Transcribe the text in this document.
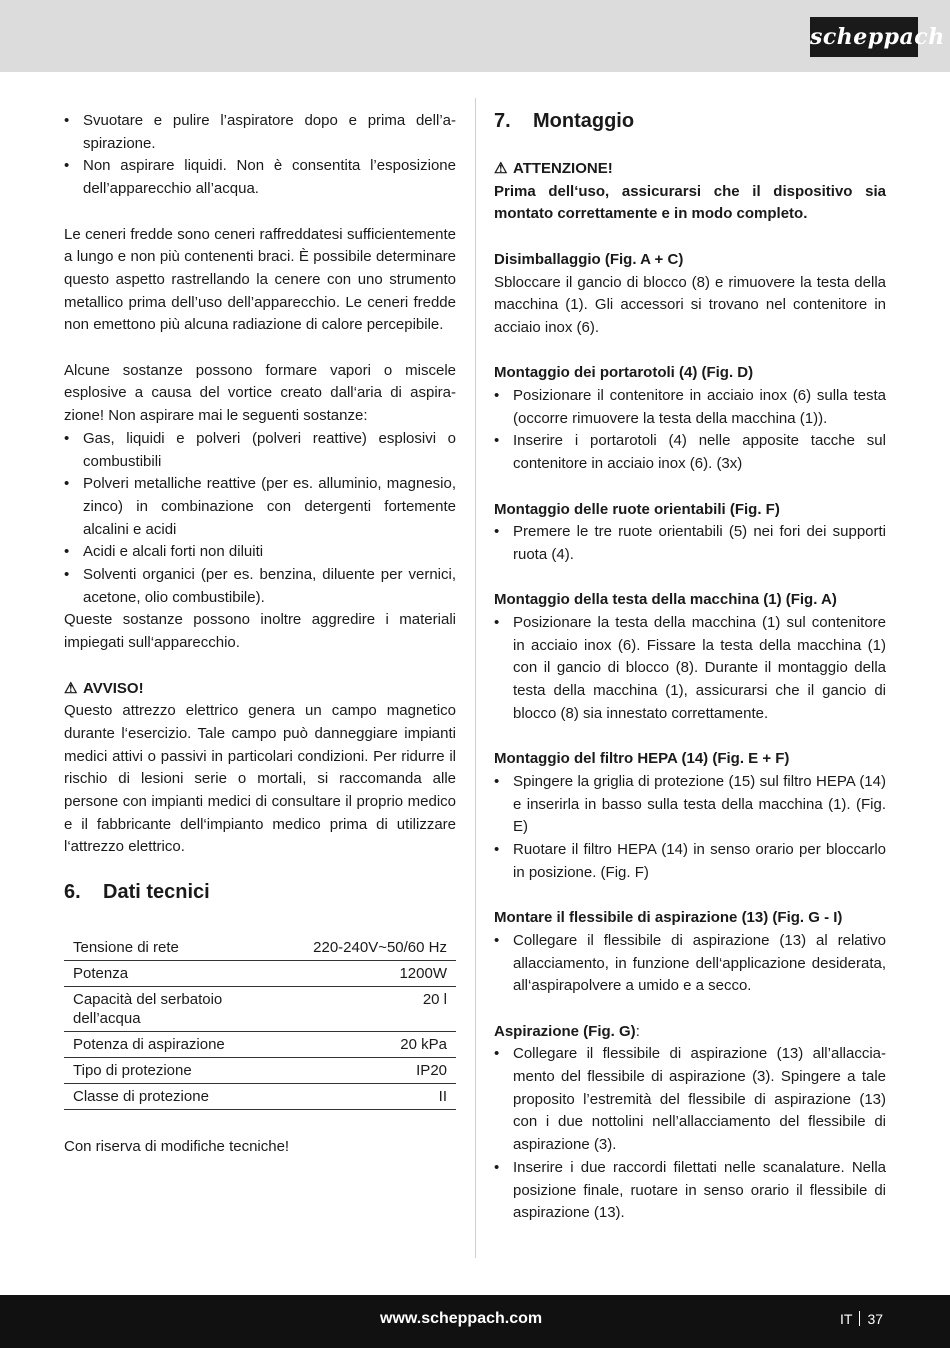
scheppach
• Svuotare e pulire l’aspiratore dopo e prima dell’aspirazione.
• Non aspirare liquidi. Non è consentita l’esposizione dell’apparecchio all’acqua.

Le ceneri fredde sono ceneri raffreddatesi sufficientemente a lungo e non più contenenti braci. È possibile determinare questo aspetto rastrellando la cenere con uno strumento metallico prima dell’uso dell’apparecchio. Le ceneri fredde non emettono più alcuna radiazione di calore percepibile.

Alcune sostanze possono formare vapori o miscele esplosive a causa del vortice creato dall‘aria di aspirazione! Non aspirare mai le seguenti sostanze:

• Gas, liquidi e polveri (polveri reattive) esplosivi o combustibili
• Polveri metalliche reattive (per es. alluminio, magnesio, zinco) in combinazione con detergenti fortemente alcalini e acidi
• Acidi e alcali forti non diluiti
• Solventi organici (per es. benzina, diluente per vernici, acetone, olio combustibile).

Queste sostanze possono inoltre aggredire i materiali impiegati sull‘apparecchio.

⚠ AVVISO!

Questo attrezzo elettrico genera un campo magnetico durante l‘esercizio. Tale campo può danneggiare impianti medici attivi o passivi in particolari condizioni. Per ridurre il rischio di lesioni serie o mortali, si raccomanda alle persone con impianti medici di consultare il proprio medico e il fabbricante dell‘impianto medico prima di utilizzare l‘attrezzo elettrico.

6.	Dati tecnici
Tensione di rete	220-240V~50/60 Hz
Potenza	1200W
Capacità del serbatoio dell’acqua	20 l
Potenza di aspirazione	20 kPa
Tipo di protezione	IP20
Classe di protezione	II

Con riserva di modifiche tecniche!

7.	Montaggio
⚠ ATTENZIONE!

Prima dell‘uso, assicurarsi che il dispositivo sia montato correttamente e in modo completo.

Disimballaggio (Fig. A + C)

Sbloccare il gancio di blocco (8) e rimuovere la testa della macchina (1). Gli accessori si trovano nel contenitore in acciaio inox (6).

Montaggio dei portarotoli (4) (Fig. D)

• Posizionare il contenitore in acciaio inox (6) sulla testa (occorre rimuovere la testa della macchina (1)).
• Inserire i portarotoli (4) nelle apposite tacche sul contenitore in acciaio inox (6). (3x)

Montaggio delle ruote orientabili (Fig. F)

• Premere le tre ruote orientabili (5) nei fori dei supporti ruota (4).

Montaggio della testa della macchina (1) (Fig. A)

• Posizionare la testa della macchina (1) sul contenitore in acciaio inox (6). Fissare la testa della macchina (1) con il gancio di blocco (8). Durante il montaggio della testa della macchina (1), assicurarsi che il gancio di blocco (8) sia innestato correttamente.

Montaggio del filtro HEPA (14) (Fig. E + F)

• Spingere la griglia di protezione (15) sul filtro HEPA (14) e inserirla in basso sulla testa della macchina (1). (Fig. E)
• Ruotare il filtro HEPA (14) in senso orario per bloccarlo in posizione. (Fig. F)

Montare il flessibile di aspirazione (13) (Fig. G - I)

• Collegare il flessibile di aspirazione (13) al relativo allacciamento, in funzione dell‘applicazione desiderata, all‘aspirapolvere a umido e a secco.

Aspirazione (Fig. G):

• Collegare il flessibile di aspirazione (13) all’allacciamento del flessibile di aspirazione (3). Spingere a tale proposito l’estremità del flessibile di aspirazione (13) con i due nottolini nell’allacciamento del flessibile di aspirazione (3).
• Inserire i due raccordi filettati nelle scanalature. Nella posizione finale, ruotare in senso orario il flessibile di aspirazione (13).
www.scheppach.com	IT 37
